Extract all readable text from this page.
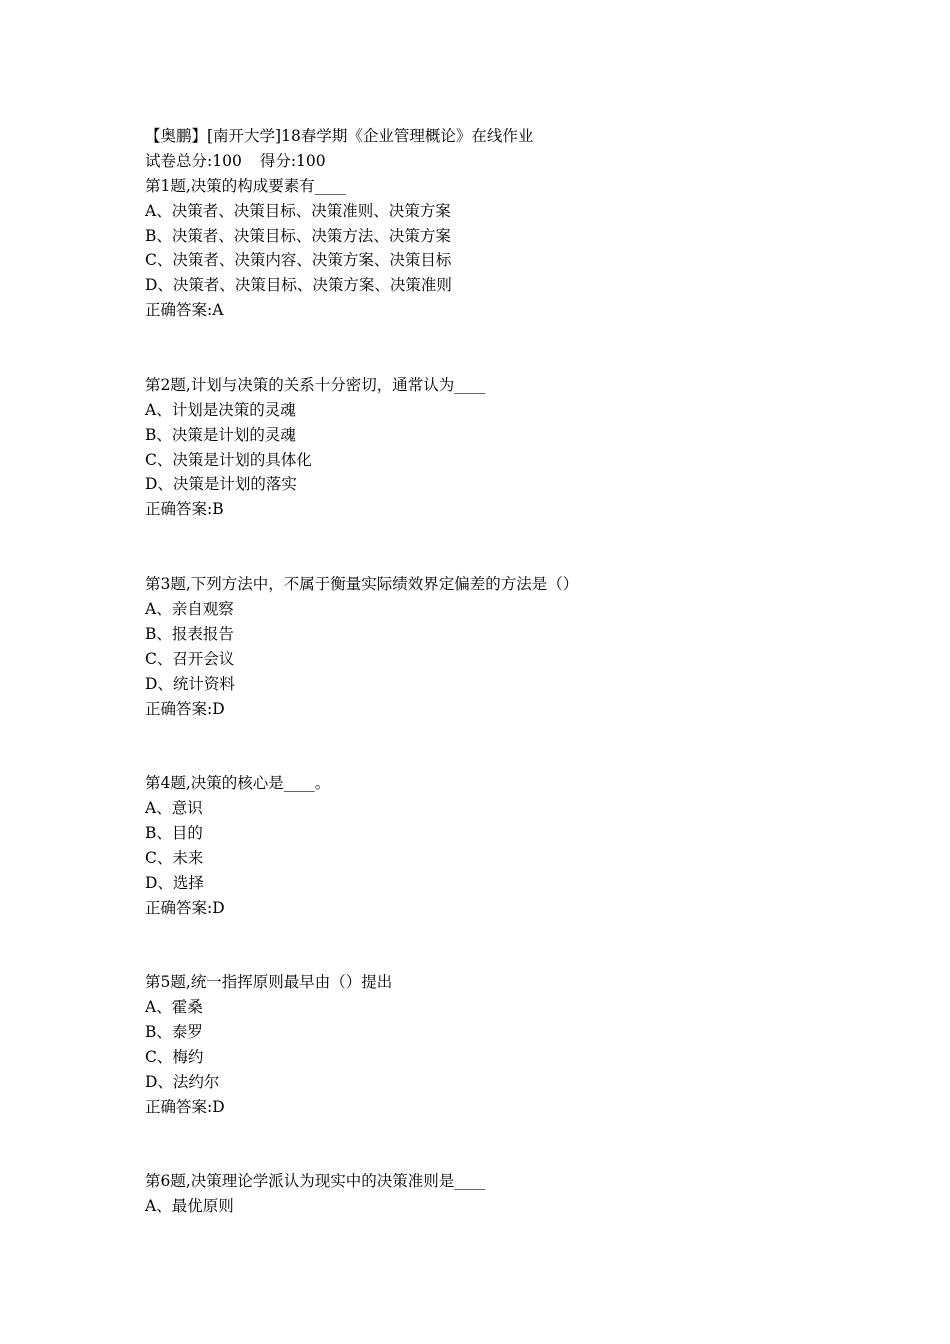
【奥鹏】[南开大学]18春学期《企业管理概论》在线作业
试卷总分:100 得分:100
第1题,决策的构成要素有____
A、决策者、决策目标、决策准则、决策方案
B、决策者、决策目标、决策方法、决策方案
C、决策者、决策内容、决策方案、决策目标
D、决策者、决策目标、决策方案、决策准则
正确答案:A
第2题,计划与决策的关系十分密切，通常认为____
A、计划是决策的灵魂
B、决策是计划的灵魂
C、决策是计划的具体化
D、决策是计划的落实
正确答案:B
第3题,下列方法中，不属于衡量实际绩效界定偏差的方法是（）
A、亲自观察
B、报表报告
C、召开会议
D、统计资料
正确答案:D
第4题,决策的核心是____。
A、意识
B、目的
C、未来
D、选择
正确答案:D
第5题,统一指挥原则最早由（）提出
A、霍桑
B、泰罗
C、梅约
D、法约尔
正确答案:D
第6题,决策理论学派认为现实中的决策准则是____
A、最优原则
